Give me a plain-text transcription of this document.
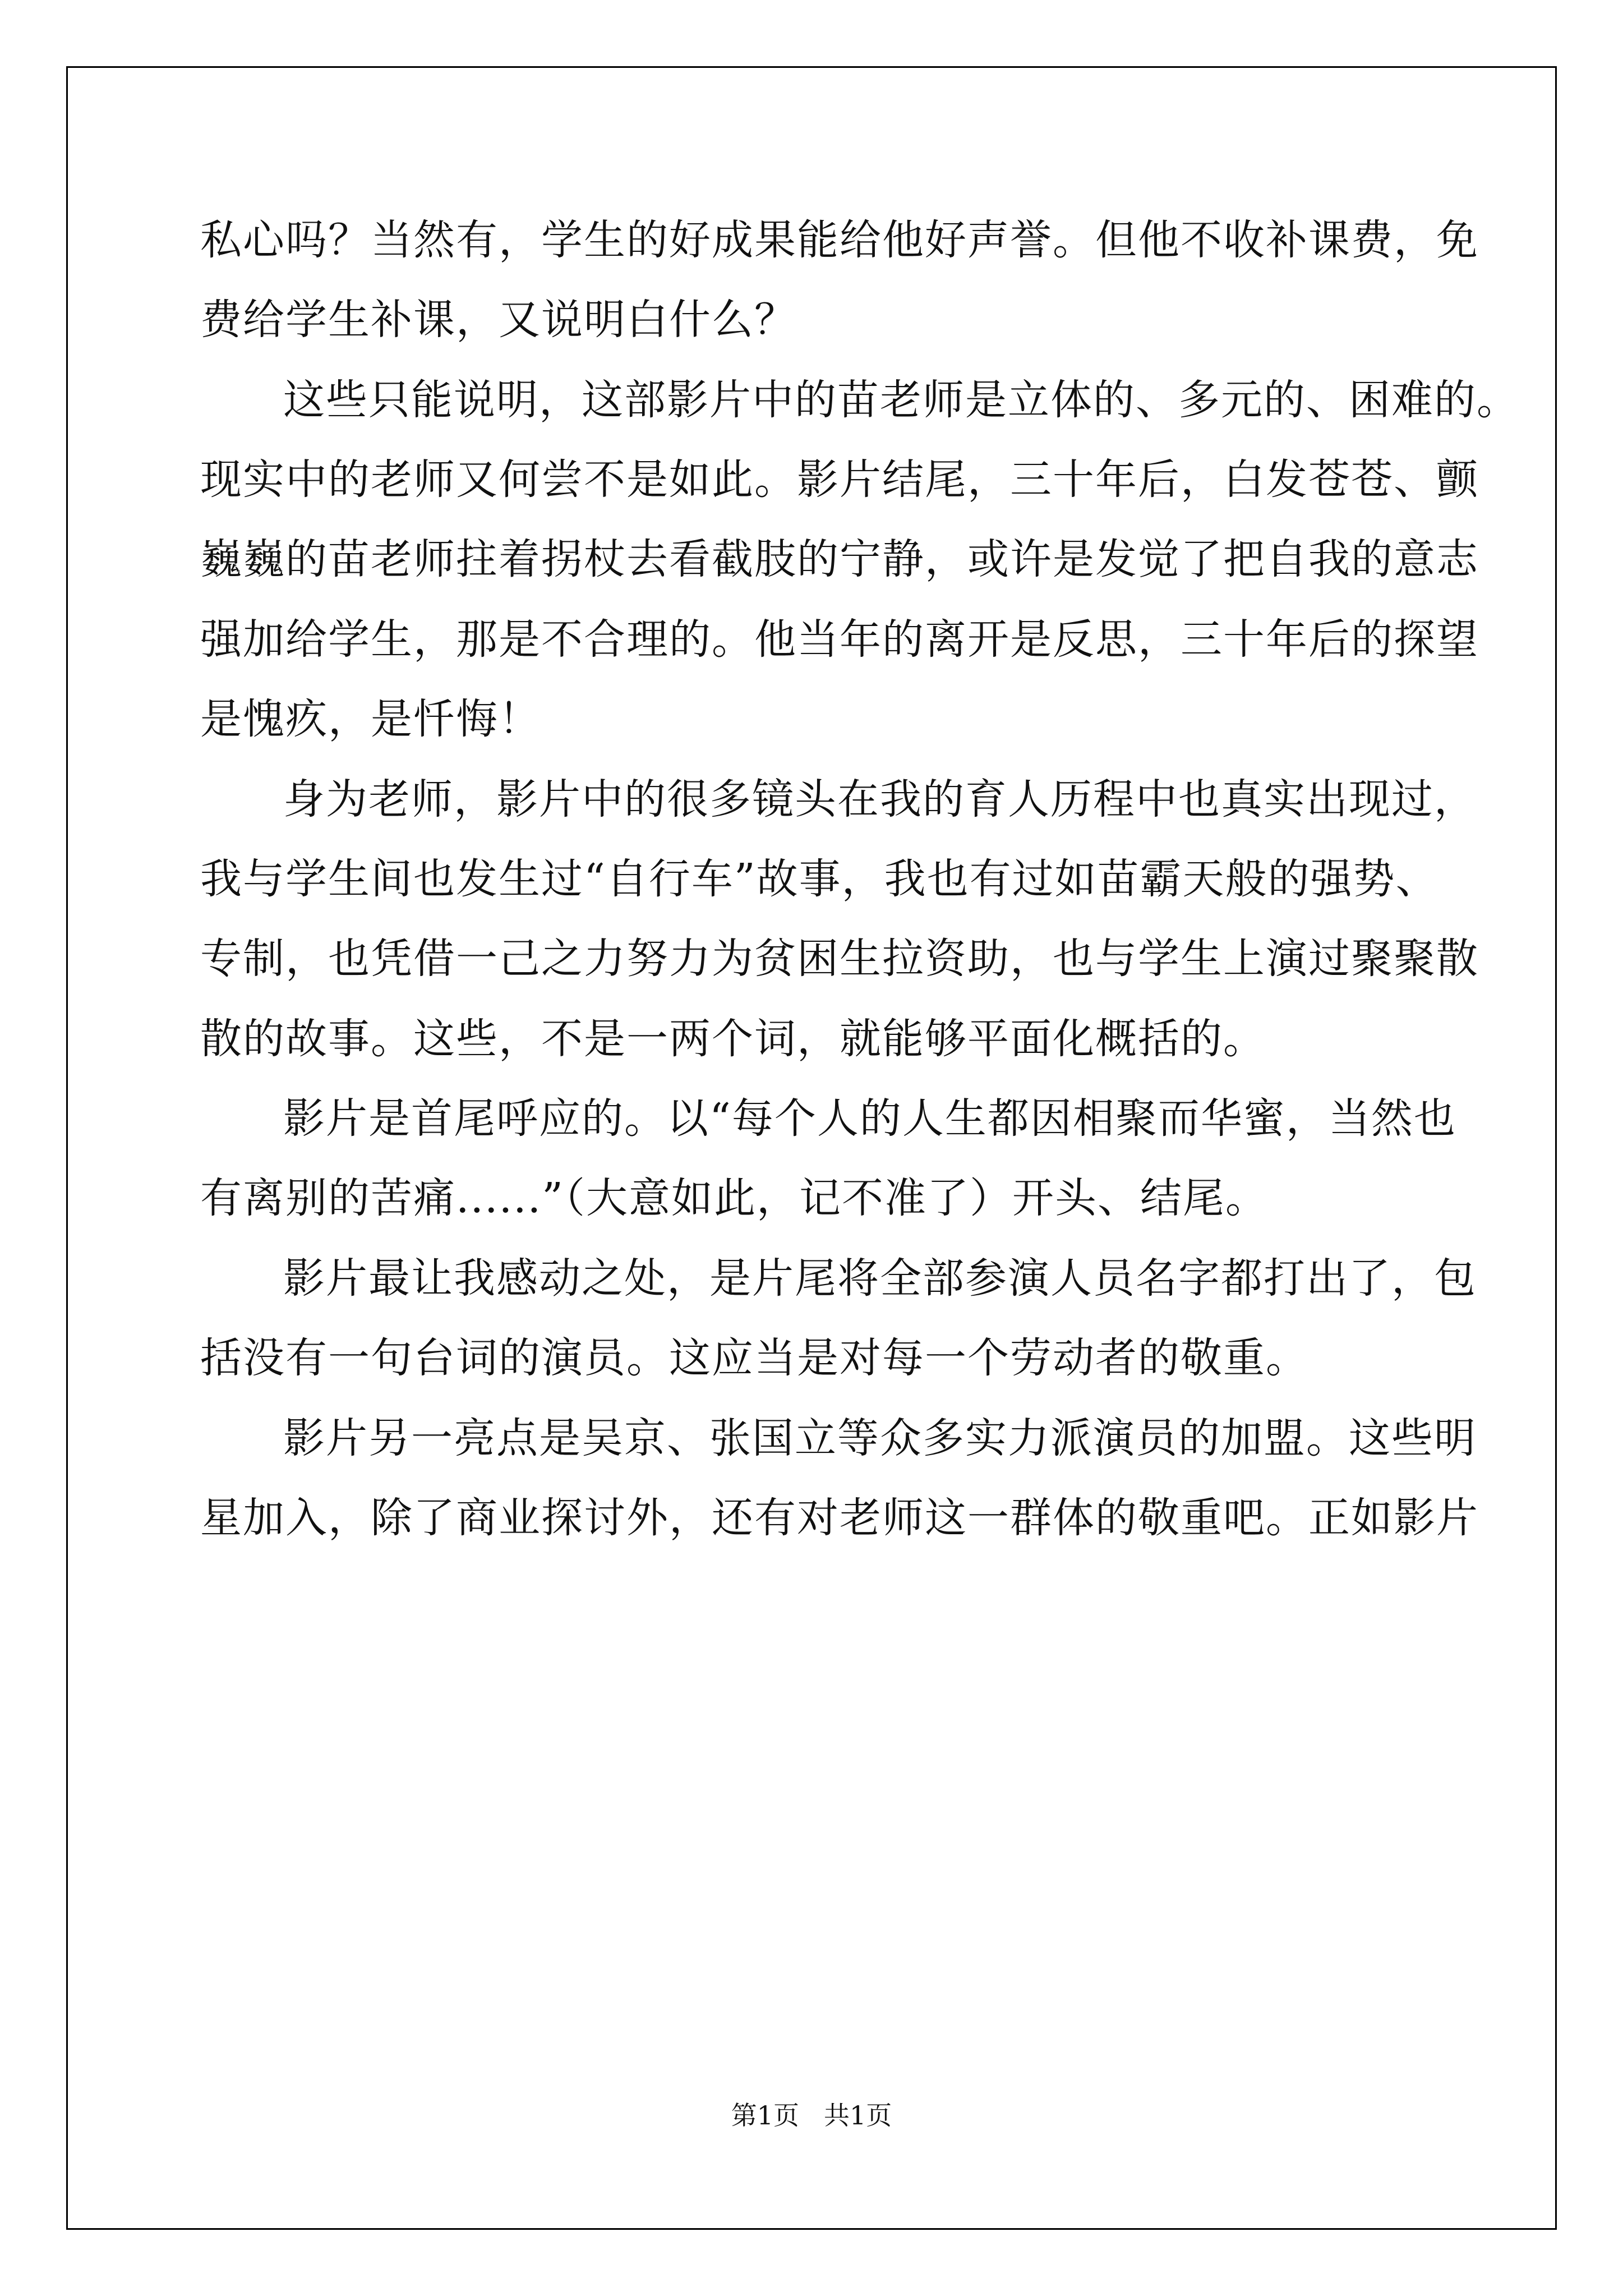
私心吗？当然有，学生的好成果能给他好声誉。但他不收补课费，免
费给学生补课，又说明白什么？
这些只能说明，这部影片中的苗老师是立体的、多元的、困难的。
现实中的老师又何尝不是如此。影片结尾，三十年后，白发苍苍、颤
巍巍的苗老师拄着拐杖去看截肢的宁静，或许是发觉了把自我的意志
强加给学生，那是不合理的。他当年的离开是反思，三十年后的探望
是愧疚，是忏悔！
身为老师，影片中的很多镜头在我的育人历程中也真实出现过，
我与学生间也发生过“自行车”故事，我也有过如苗霸天般的强势、
专制，也凭借一己之力努力为贫困生拉资助，也与学生上演过聚聚散
散的故事。这些，不是一两个词，就能够平面化概括的。
影片是首尾呼应的。以“每个人的人生都因相聚而华蜜，当然也
有离别的苦痛......”（大意如此，记不准了）开头、结尾。
影片最让我感动之处，是片尾将全部参演人员名字都打出了，包
括没有一句台词的演员。这应当是对每一个劳动者的敬重。
影片另一亮点是吴京、张国立等众多实力派演员的加盟。这些明
星加入，除了商业探讨外，还有对老师这一群体的敬重吧。正如影片
第1页 共1页
